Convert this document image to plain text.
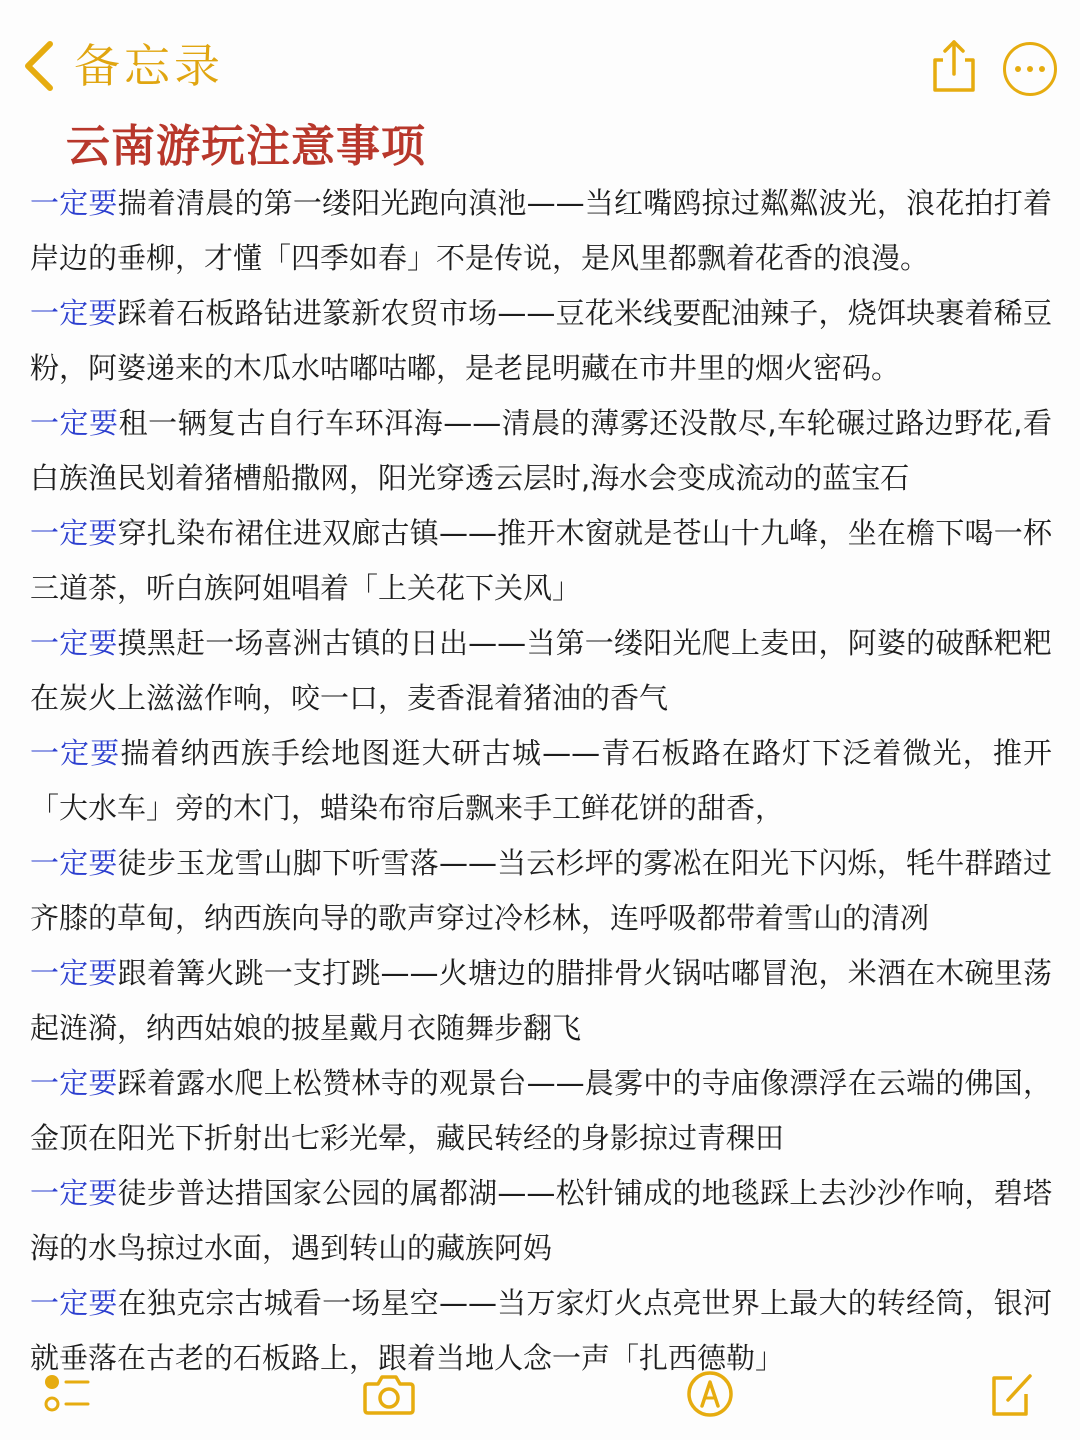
备忘录
云南游玩注意事项

一定要揣着清晨的第一缕阳光跑向滇池——当红嘴鸥掠过粼粼波光，浪花拍打着岸边的垂柳，才懂「四季如春」不是传说，是风里都飘着花香的浪漫。

一定要踩着石板路钻进篆新农贸市场——豆花米线要配油辣子，烧饵块裹着稀豆粉，阿婆递来的木瓜水咕嘟咕嘟，是老昆明藏在市井里的烟火密码。

一定要租一辆复古自行车环洱海——清晨的薄雾还没散尽,车轮碾过路边野花,看白族渔民划着猪槽船撒网，阳光穿透云层时,海水会变成流动的蓝宝石

一定要穿扎染布裙住进双廊古镇——推开木窗就是苍山十九峰，坐在檐下喝一杯三道茶，听白族阿姐唱着「上关花下关风」

一定要摸黑赶一场喜洲古镇的日出——当第一缕阳光爬上麦田，阿婆的破酥粑粑在炭火上滋滋作响，咬一口，麦香混着猪油的香气

一定要揣着纳西族手绘地图逛大研古城——青石板路在路灯下泛着微光，推开「大水车」旁的木门，蜡染布帘后飘来手工鲜花饼的甜香，

一定要徒步玉龙雪山脚下听雪落——当云杉坪的雾凇在阳光下闪烁，牦牛群踏过齐膝的草甸，纳西族向导的歌声穿过冷杉林，连呼吸都带着雪山的清冽

一定要跟着篝火跳一支打跳——火塘边的腊排骨火锅咕嘟冒泡，米酒在木碗里荡起涟漪，纳西姑娘的披星戴月衣随舞步翻飞

一定要踩着露水爬上松赞林寺的观景台——晨雾中的寺庙像漂浮在云端的佛国，金顶在阳光下折射出七彩光晕，藏民转经的身影掠过青稞田

一定要徒步普达措国家公园的属都湖——松针铺成的地毯踩上去沙沙作响，碧塔海的水鸟掠过水面，遇到转山的藏族阿妈

一定要在独克宗古城看一场星空——当万家灯火点亮世界上最大的转经筒，银河就垂落在古老的石板路上，跟着当地人念一声「扎西德勒」
